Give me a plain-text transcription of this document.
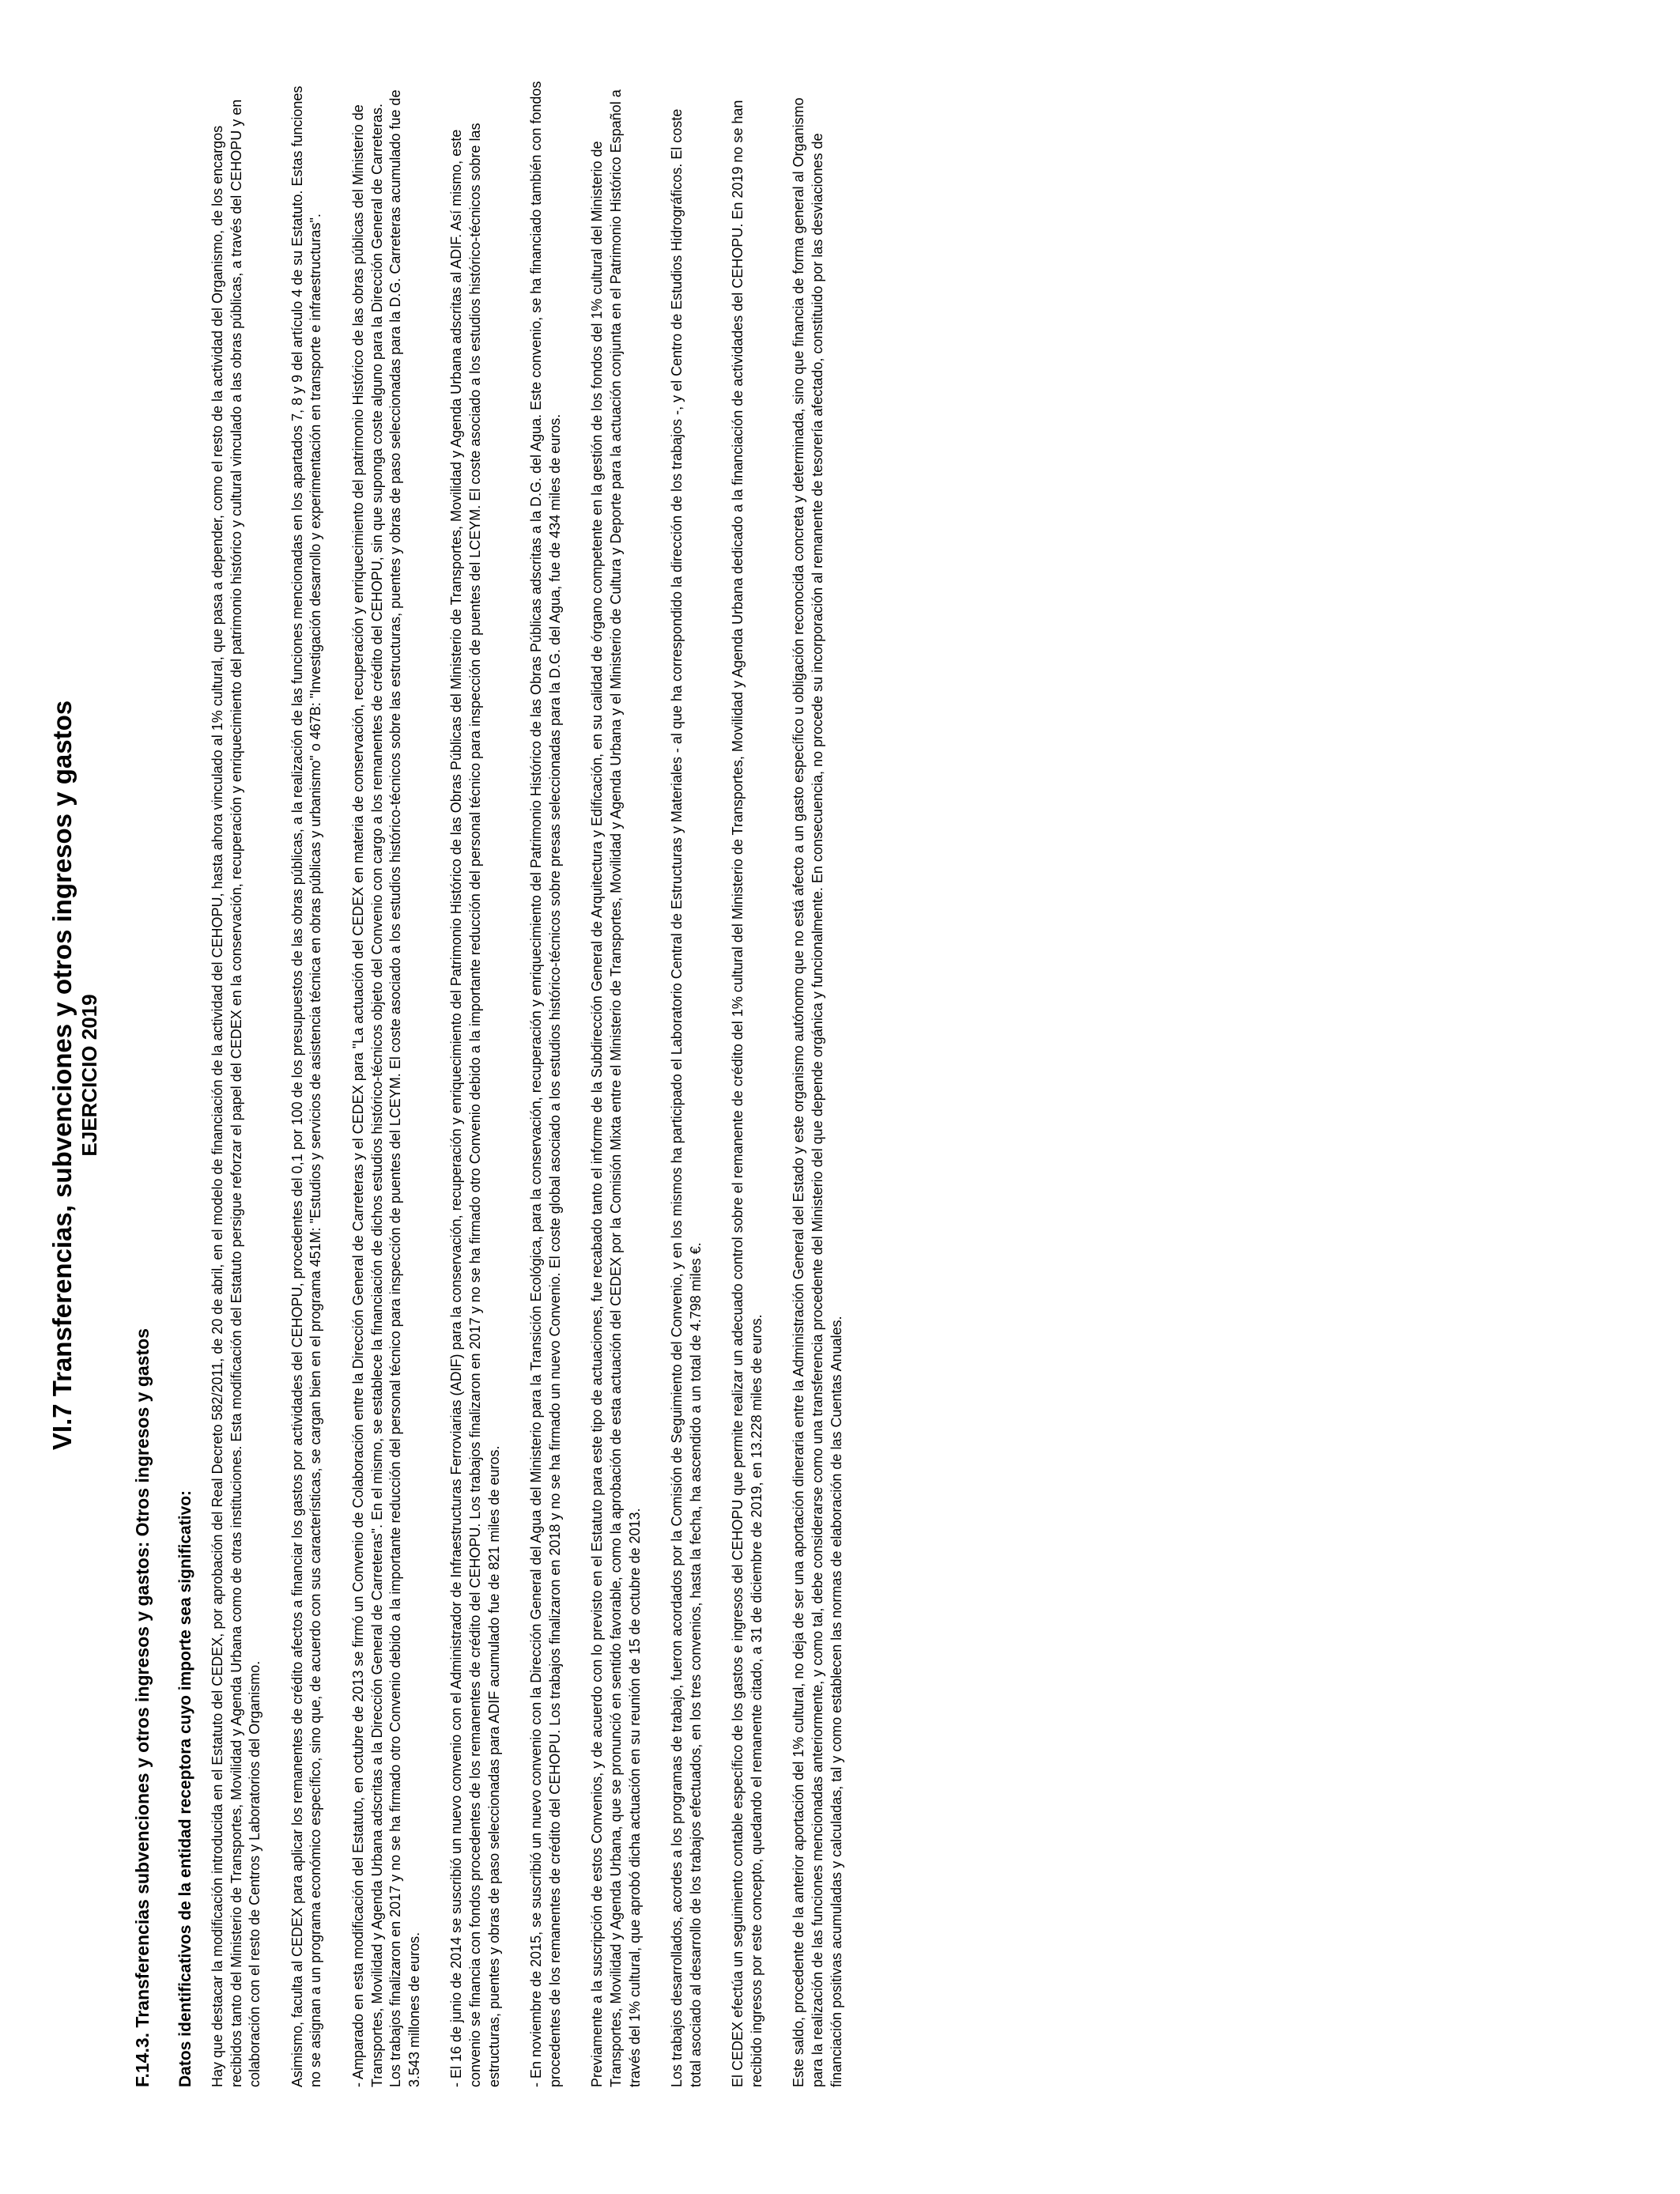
VI.7 Transferencias, subvenciones y otros ingresos y gastos EJERCICIO 2019
F.14.3. Transferencias subvenciones y otros ingresos y gastos: Otros ingresos y gastos Datos identificativos de la entidad receptora cuyo importe sea significativo: Hay que destacar la modificación introducida en el Estatuto del CEDEX, por aprobación del Real Decreto 582/2011, de 20 de abril, en el modelo de financiación de la actividad del CEHOPU, hasta ahora vinculado al 1% cultural, que pasa a depender, como el resto de la actividad del Organismo, de los encargos recibidos tanto del Ministerio de Transportes, Movilidad y Agenda Urbana como de otras instituciones. Esta modificación del Estatuto persigue reforzar el papel del CEDEX en la conservación, recuperación y enriquecimiento del patrimonio histórico y cultural vinculado a las obras públicas, a través del CEHOPU y en colaboración con el resto de Centros y Laboratorios del Organismo. Asimismo, faculta al CEDEX para aplicar los remanentes de crédito afectos a financiar los gastos por actividades del CEHOPU, procedentes del 0,1 por 100 de los presupuestos de las obras públicas, a la realización de las funciones mencionadas en los apartados 7, 8 y 9 del artículo 4 de su Estatuto. Estas funciones no se asignan a un programa económico específico, sino que, de acuerdo con sus características, se cargan bien en el programa 451M: "Estudios y servicios de asistencia técnica en obras públicas y urbanismo" o 467B: "Investigación desarrollo y experimentación en transporte e infraestructuras". - Amparado en esta modificación del Estatuto, en octubre de 2013 se firmó un Convenio de Colaboración entre la Dirección General de Carreteras y el CEDEX para "La actuación del CEDEX en materia de conservación, recuperación y enriquecimiento del patrimonio Histórico de las obras públicas del Ministerio de Transportes, Movilidad y Agenda Urbana adscritas a la Dirección General de Carreteras". En el mismo, se establece la financiación de dichos estudios histórico-técnicos objeto del Convenio con cargo a los remanentes de crédito del CEHOPU, sin que suponga coste alguno para la Dirección General de Carreteras. Los trabajos finalizaron en 2017 y no se ha firmado otro Convenio debido a la importante reducción del personal técnico para inspección de puentes del LCEYM. El coste asociado a los estudios histórico-técnicos sobre las estructuras, puentes y obras de paso seleccionadas para la D.G. Carreteras acumulado fue de 3.543 millones de euros. - El 16 de junio de 2014 se suscribió un nuevo convenio con el Administrador de Infraestructuras Ferroviarias (ADIF) para la conservación, recuperación y enriquecimiento del Patrimonio Histórico de las Obras Públicas del Ministerio de Transportes, Movilidad y Agenda Urbana adscritas al ADIF. Así mismo, este convenio se financia con fondos procedentes de los remanentes de crédito del CEHOPU. Los trabajos finalizaron en 2017 y no se ha firmado otro Convenio debido a la importante reducción del personal técnico para inspección de puentes del LCEYM. El coste asociado a los estudios histórico-técnicos sobre las estructuras, puentes y obras de paso seleccionadas para ADIF acumulado fue de 821 miles de euros. - En noviembre de 2015, se suscribió un nuevo convenio con la Dirección General del Agua del Ministerio para la Transición Ecológica, para la conservación, recuperación y enriquecimiento del Patrimonio Histórico de las Obras Públicas adscritas a la D.G. del Agua. Este convenio, se ha financiado también con fondos procedentes de los remanentes de crédito del CEHOPU. Los trabajos finalizaron en 2018 y no se ha firmado un nuevo Convenio. El coste global asociado a los estudios histórico-técnicos sobre presas seleccionadas para la D.G. del Agua, fue de 434 miles de euros. Previamente a la suscripción de estos Convenios, y de acuerdo con lo previsto en el Estatuto para este tipo de actuaciones, fue recabado tanto el informe de la Subdirección General de Arquitectura y Edificación, en su calidad de órgano competente en la gestión de los fondos del 1% cultural del Ministerio de Transportes, Movilidad y Agenda Urbana, que se pronunció en sentido favorable, como la aprobación de esta actuación del CEDEX por la Comisión Mixta entre el Ministerio de Transportes, Movilidad y Agenda Urbana y el Ministerio de Cultura y Deporte para la actuación conjunta en el Patrimonio Histórico Español a través del 1% cultural, que aprobó dicha actuación en su reunión de 15 de octubre de 2013. Los trabajos desarrollados, acordes a los programas de trabajo, fueron acordados por la Comisión de Seguimiento del Convenio, y en los mismos ha participado el Laboratorio Central de Estructuras y Materiales - al que ha correspondido la dirección de los trabajos -, y el Centro de Estudios Hidrográficos. El coste total asociado al desarrollo de los trabajos efectuados, en los tres convenios, hasta la fecha, ha ascendido a un total de 4.798 miles €. El CEDEX efectúa un seguimiento contable específico de los gastos e ingresos del CEHOPU que permite realizar un adecuado control sobre el remanente de crédito del 1% cultural del Ministerio de Transportes, Movilidad y Agenda Urbana dedicado a la financiación de actividades del CEHOPU. En 2019 no se han recibido ingresos por este concepto, quedando el remanente citado, a 31 de diciembre de 2019, en 13.228 miles de euros. Este saldo, procedente de la anterior aportación del 1% cultural, no deja de ser una aportación dineraria entre la Administración General del Estado y este organismo autónomo que no está afecto a un gasto específico u obligación reconocida concreta y determinada, sino que financia de forma general al Organismo para la realización de las funciones mencionadas anteriormente, y como tal, debe considerarse como una transferencia procedente del Ministerio del que depende orgánica y funcionalmente. En consecuencia, no procede su incorporación al remanente de tesorería afectado, constituido por las desviaciones de financiación positivas acumuladas y calculadas, tal y como establecen las normas de elaboración de las Cuentas Anuales.
